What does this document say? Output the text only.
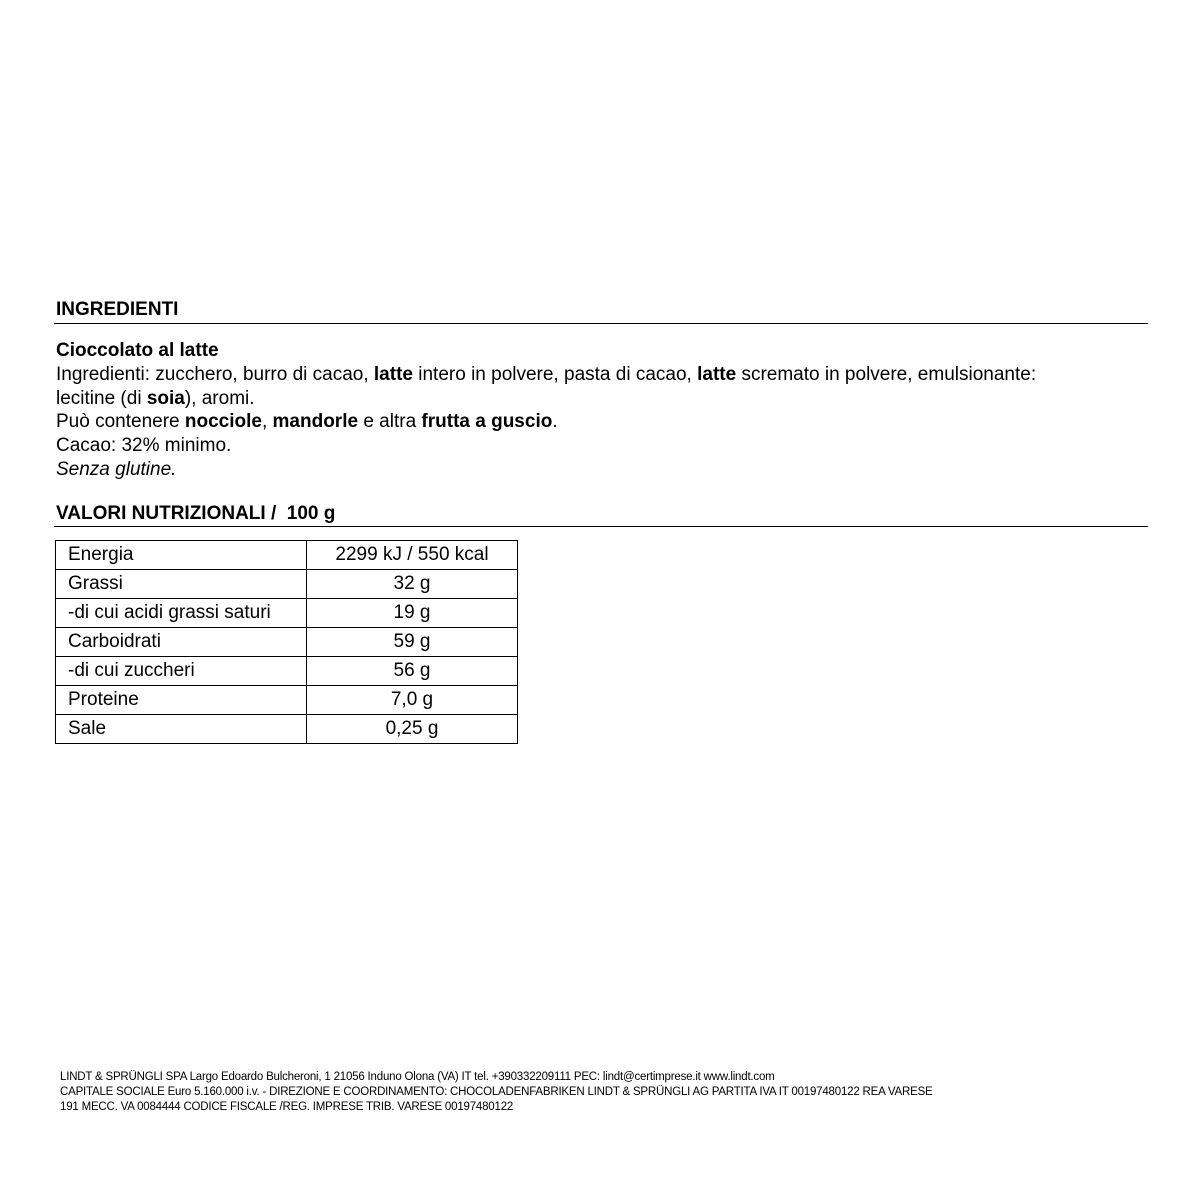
INGREDIENTI
Cioccolato al latte
Ingredienti: zucchero, burro di cacao, latte intero in polvere, pasta di cacao, latte scremato in polvere, emulsionante:
lecitine (di soia), aromi.
Può contenere nocciole, mandorle e altra frutta a guscio.
Cacao: 32% minimo.
Senza glutine.
VALORI NUTRIZIONALI /  100 g
Energia	2299 kJ / 550 kcal
Grassi	32 g
-di cui acidi grassi saturi	19 g
Carboidrati	59 g
-di cui zuccheri	56 g
Proteine	7,0 g
Sale	0,25 g
LINDT & SPRÜNGLI SPA Largo Edoardo Bulcheroni, 1 21056 Induno Olona (VA) IT tel. +390332209111 PEC: lindt@certimprese.it www.lindt.com
CAPITALE SOCIALE Euro 5.160.000 i.v. - DIREZIONE E COORDINAMENTO: CHOCOLADENFABRIKEN LINDT & SPRÜNGLI AG PARTITA IVA IT 00197480122 REA VARESE
191 MECC. VA 0084444 CODICE FISCALE /REG. IMPRESE TRIB. VARESE 00197480122
